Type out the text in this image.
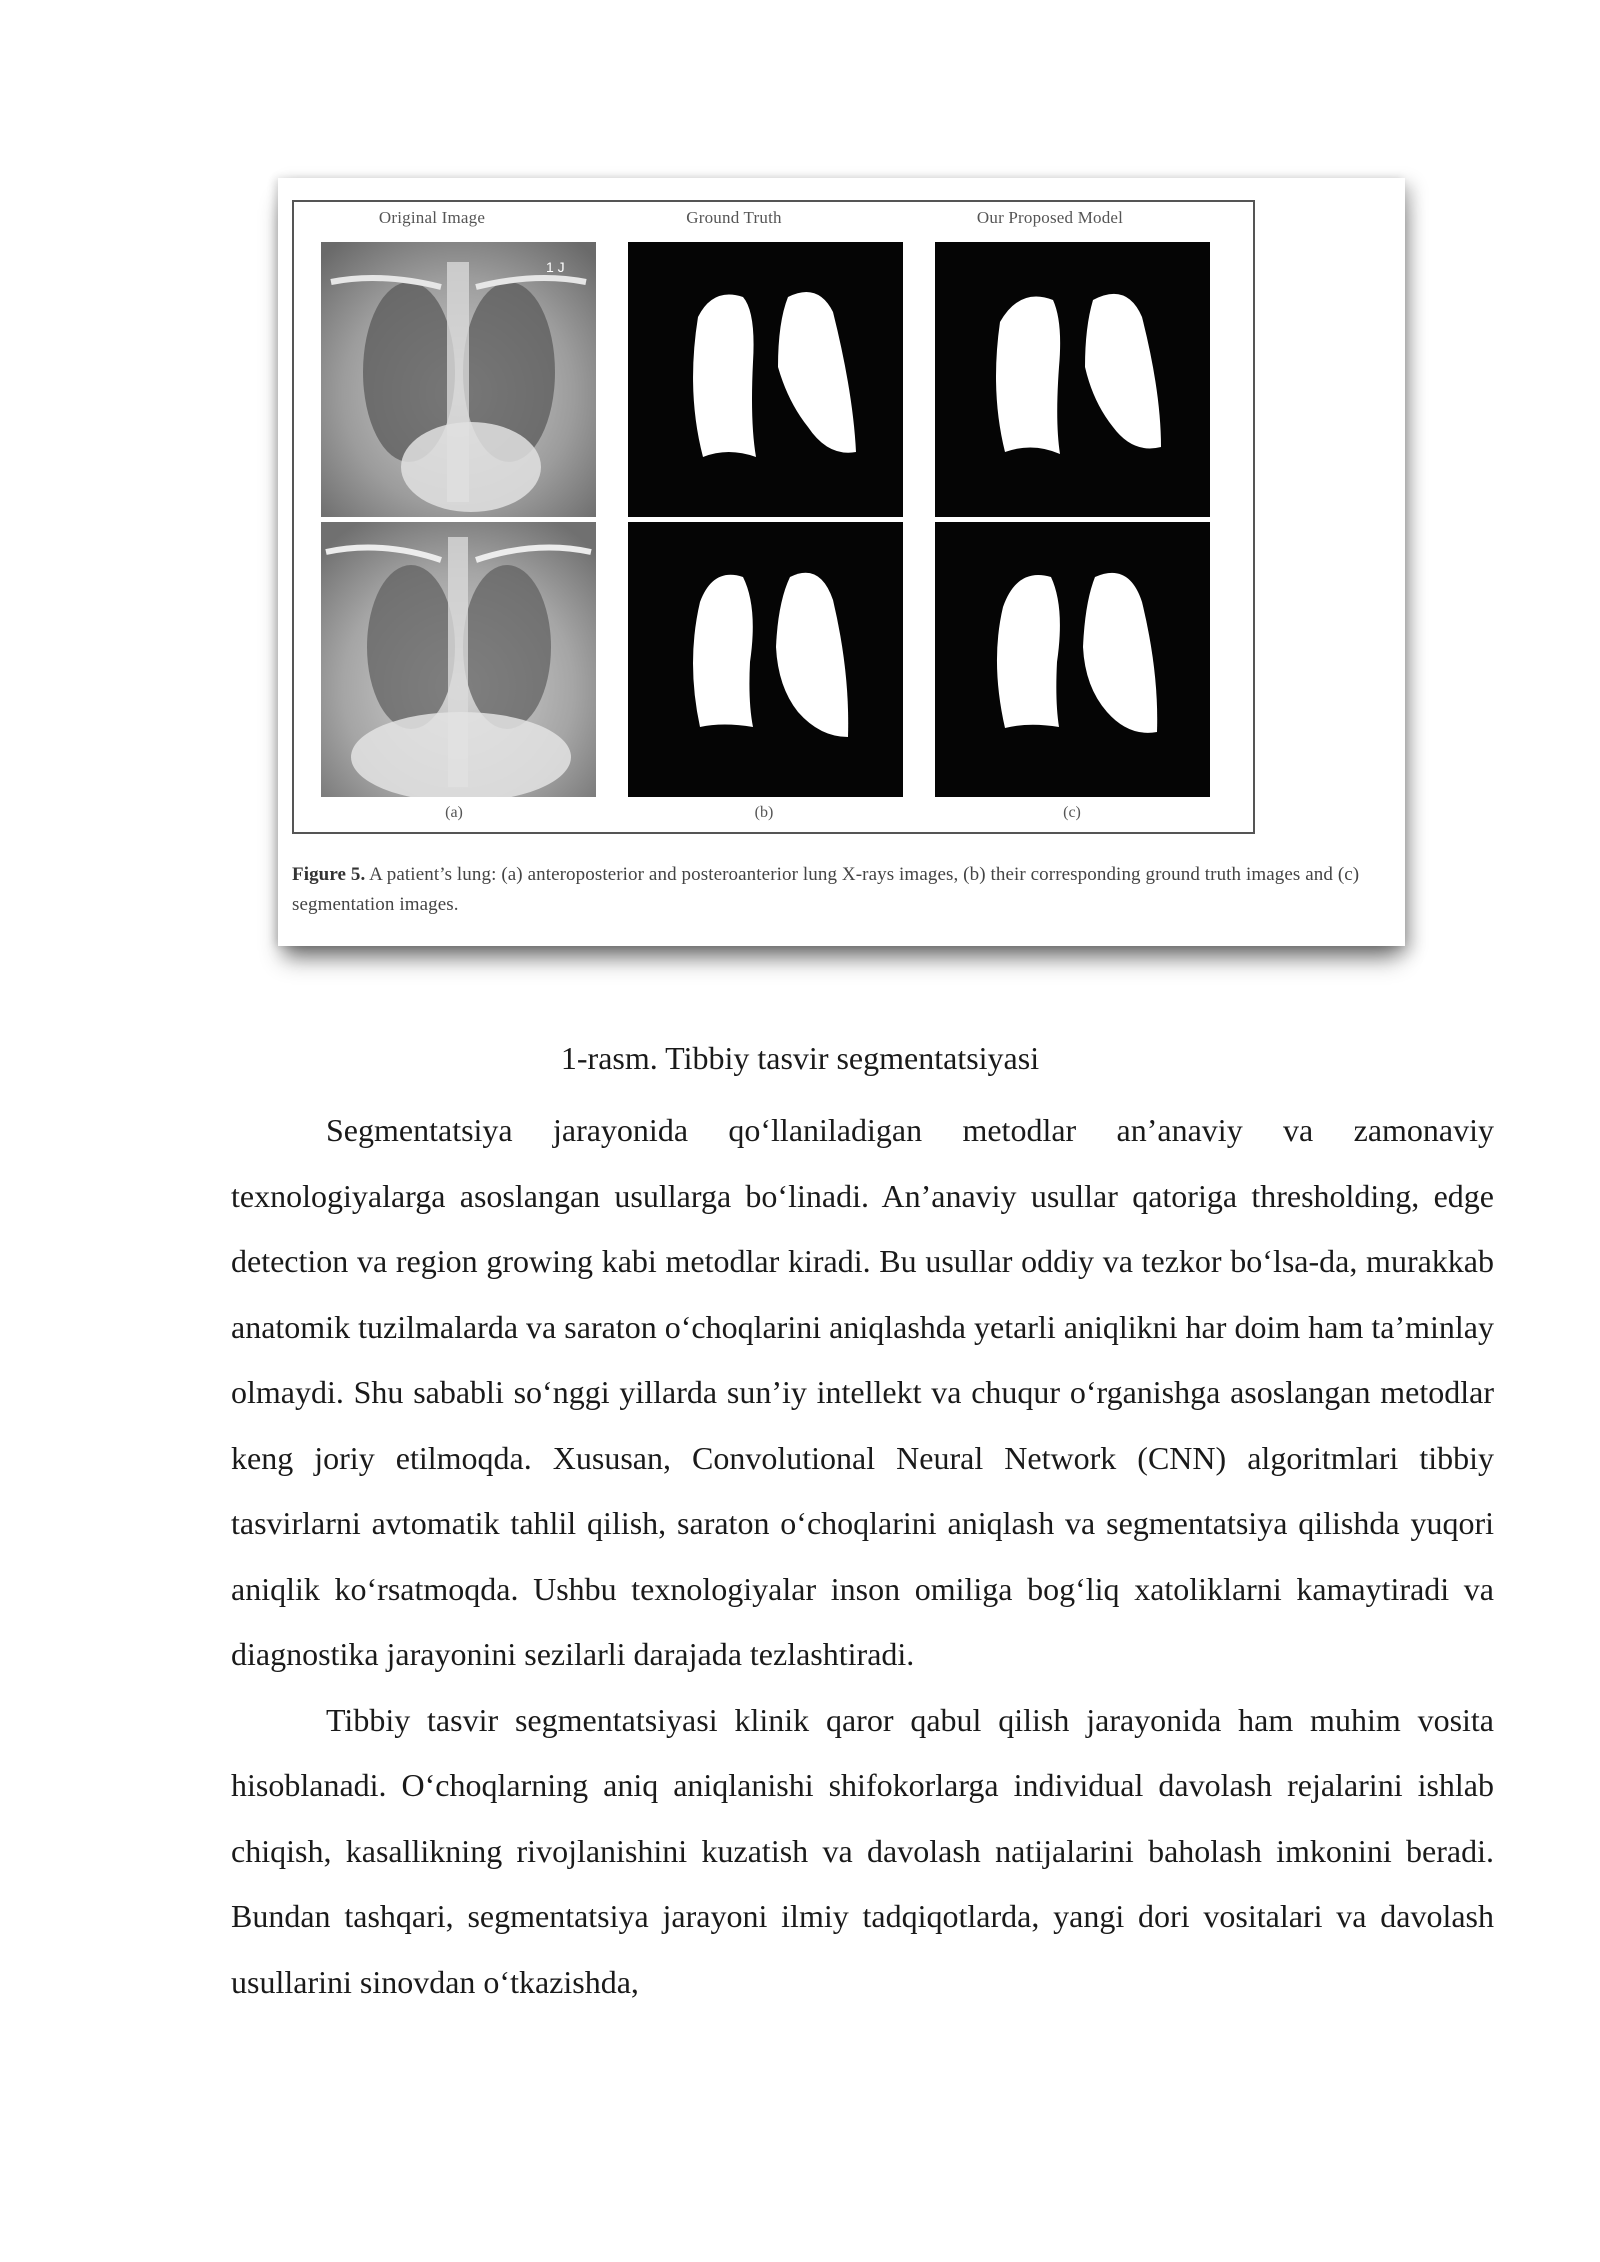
Original Image	Ground Truth	Our Proposed Model
1 J
(a)	(b)	(c)
Figure 5. A patient’s lung: (a) anteroposterior and posteroanterior lung X-rays images, (b) their corresponding ground truth images and (c) segmentation images.
1-rasm. Tibbiy tasvir segmentatsiyasi

Segmentatsiya jarayonida qo‘llaniladigan metodlar an’anaviy va zamonaviy texnologiyalarga asoslangan usullarga bo‘linadi. An’anaviy usullar qatoriga thresholding, edge detection va region growing kabi metodlar kiradi. Bu usullar oddiy va tezkor bo‘lsa-da, murakkab anatomik tuzilmalarda va saraton o‘choqlarini aniqlashda yetarli aniqlikni har doim ham ta’minlay olmaydi. Shu sababli so‘nggi yillarda sun’iy intellekt va chuqur o‘rganishga asoslangan metodlar keng joriy etilmoqda. Xususan, Convolutional Neural Network (CNN) algoritmlari tibbiy tasvirlarni avtomatik tahlil qilish, saraton o‘choqlarini aniqlash va segmentatsiya qilishda yuqori aniqlik ko‘rsatmoqda. Ushbu texnologiyalar inson omiliga bog‘liq xatoliklarni kamaytiradi va diagnostika jarayonini sezilarli darajada tezlashtiradi.

Tibbiy tasvir segmentatsiyasi klinik qaror qabul qilish jarayonida ham muhim vosita hisoblanadi. O‘choqlarning aniq aniqlanishi shifokorlarga individual davolash rejalarini ishlab chiqish, kasallikning rivojlanishini kuzatish va davolash natijalarini baholash imkonini beradi. Bundan tashqari, segmentatsiya jarayoni ilmiy tadqiqotlarda, yangi dori vositalari va davolash usullarini sinovdan o‘tkazishda,
